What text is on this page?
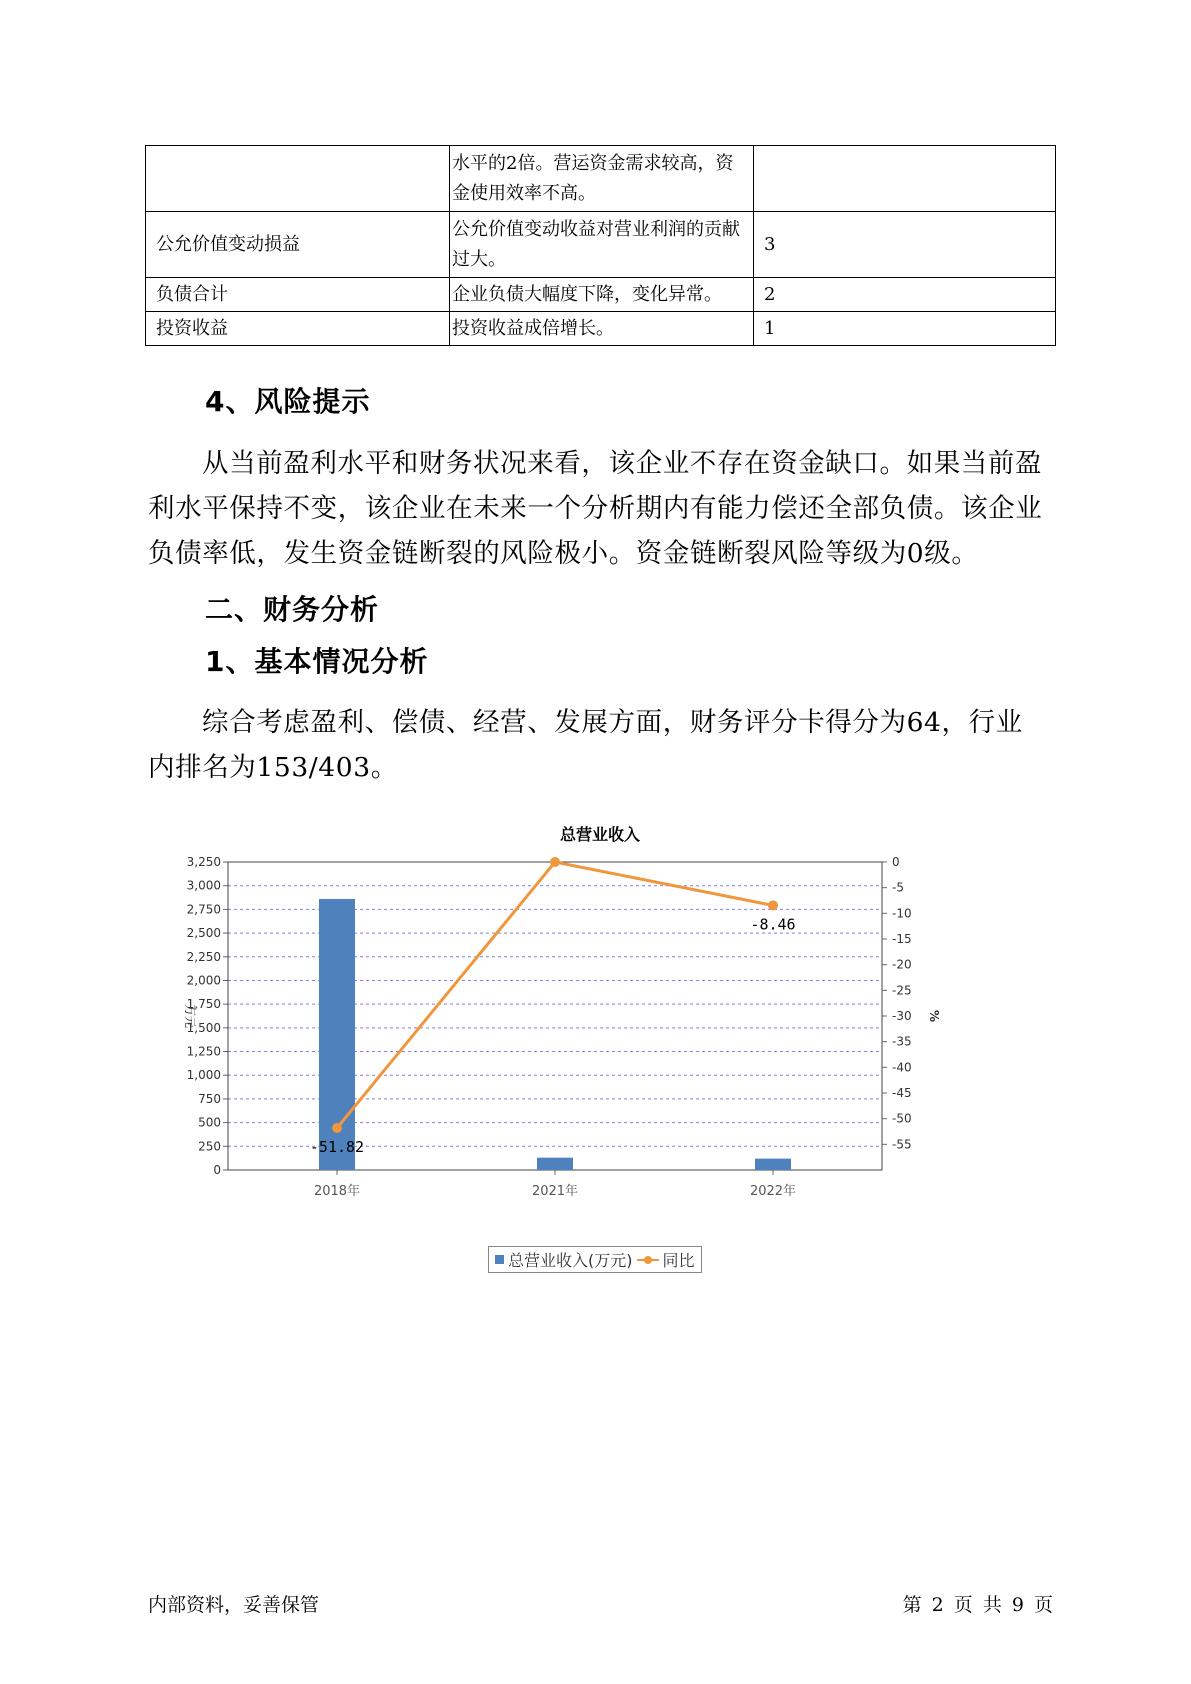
	水平的2倍。营运资金需求较高，资金使用效率不高。	
公允价值变动损益	公允价值变动收益对营业利润的贡献过大。	3
负债合计	企业负债大幅度下降，变化异常。	2
投资收益	投资收益成倍增长。	1
4、风险提示
从当前盈利水平和财务状况来看，该企业不存在资金缺口。如果当前盈利水平保持不变，该企业在未来一个分析期内有能力偿还全部负债。该企业负债率低，发生资金链断裂的风险极小。资金链断裂风险等级为0级。
二、财务分析
1、基本情况分析
综合考虑盈利、偿债、经营、发展方面，财务评分卡得分为64，行业内排名为153/403。
总营业收入
0
250
500
750
1,000
1,250
1,500
1,750
2,000
2,250
2,500
2,750
3,000
3,250	0
-5
-10
-15
-20
-25
-30
-35
-40
-45
-50
-55
万元	%
2018年	2021年	2022年
-51.82
-8.46
总营业收入(万元) 同比
内部资料，妥善保管	第 2 页 共 9 页
